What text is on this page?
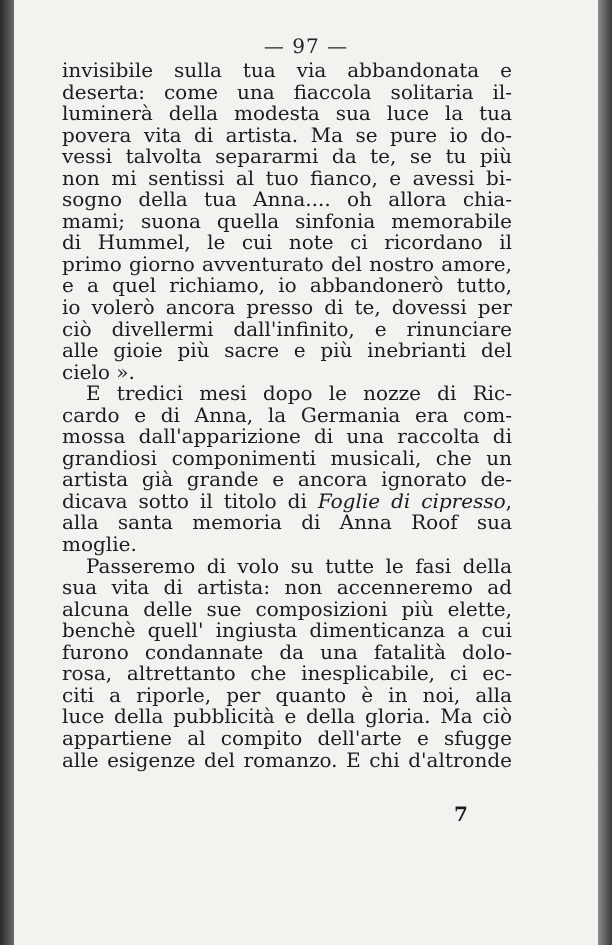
— 97 —
invisibile sulla tua via abbandonata e
deserta: come una fiaccola solitaria il-
luminerà della modesta sua luce la tua
povera vita di artista. Ma se pure io do-
vessi talvolta separarmi da te, se tu più
non mi sentissi al tuo fianco, e avessi bi-
sogno della tua Anna.... oh allora chia-
mami; suona quella sinfonia memorabile
di Hummel, le cui note ci ricordano il
primo giorno avventurato del nostro amore,
e a quel richiamo, io abbandonerò tutto,
io volerò ancora presso di te, dovessi per
ciò divellermi dall'infinito, e rinunciare
alle gioie più sacre e più inebrianti del
cielo ».
E tredici mesi dopo le nozze di Ric-
cardo e di Anna, la Germania era com-
mossa dall'apparizione di una raccolta di
grandiosi componimenti musicali, che un
artista già grande e ancora ignorato de-
dicava sotto il titolo di Foglie di cipresso,
alla santa memoria di Anna Roof sua
moglie.
Passeremo di volo su tutte le fasi della
sua vita di artista: non accenneremo ad
alcuna delle sue composizioni più elette,
benchè quell' ingiusta dimenticanza a cui
furono condannate da una fatalità dolo-
rosa, altrettanto che inesplicabile, ci ec-
citi a riporle, per quanto è in noi, alla
luce della pubblicità e della gloria. Ma ciò
appartiene al compito dell'arte e sfugge
alle esigenze del romanzo. E chi d'altronde
7
